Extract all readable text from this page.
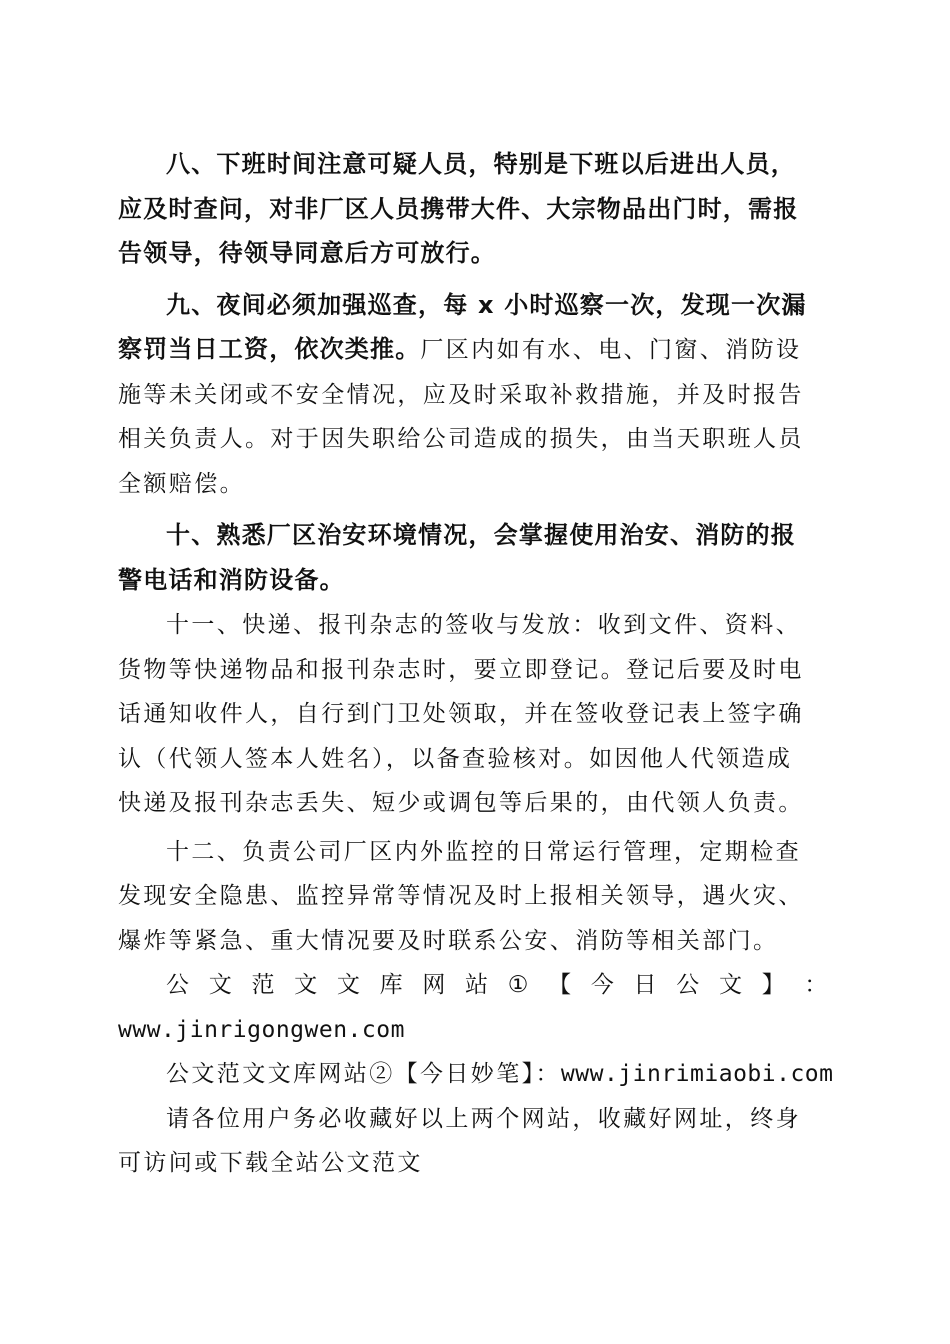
八、下班时间注意可疑人员，特别是下班以后进出人员，
应及时查问，对非厂区人员携带大件、大宗物品出门时，需报
告领导，待领导同意后方可放行。
九、夜间必须加强巡查，每 x 小时巡察一次，发现一次漏
察罚当日工资，依次类推。厂区内如有水、电、门窗、消防设
施等未关闭或不安全情况，应及时采取补救措施，并及时报告
相关负责人。对于因失职给公司造成的损失，由当天职班人员
全额赔偿。
十、熟悉厂区治安环境情况，会掌握使用治安、消防的报
警电话和消防设备。
十一、快递、报刊杂志的签收与发放：收到文件、资料、
货物等快递物品和报刊杂志时，要立即登记。登记后要及时电
话通知收件人，自行到门卫处领取，并在签收登记表上签字确
认（代领人签本人姓名），以备查验核对。如因他人代领造成
快递及报刊杂志丢失、短少或调包等后果的，由代领人负责。
十二、负责公司厂区内外监控的日常运行管理，定期检查
发现安全隐患、监控异常等情况及时上报相关领导，遇火灾、
爆炸等紧急、重大情况要及时联系公安、消防等相关部门。
公 文 范 文 文 库 网 站 ① 【 今 日 公 文 】 ：
www.jinrigongwen.com
公文范文文库网站②【今日妙笔】：www.jinrimiaobi.com
请各位用户务必收藏好以上两个网站，收藏好网址，终身
可访问或下载全站公文范文
